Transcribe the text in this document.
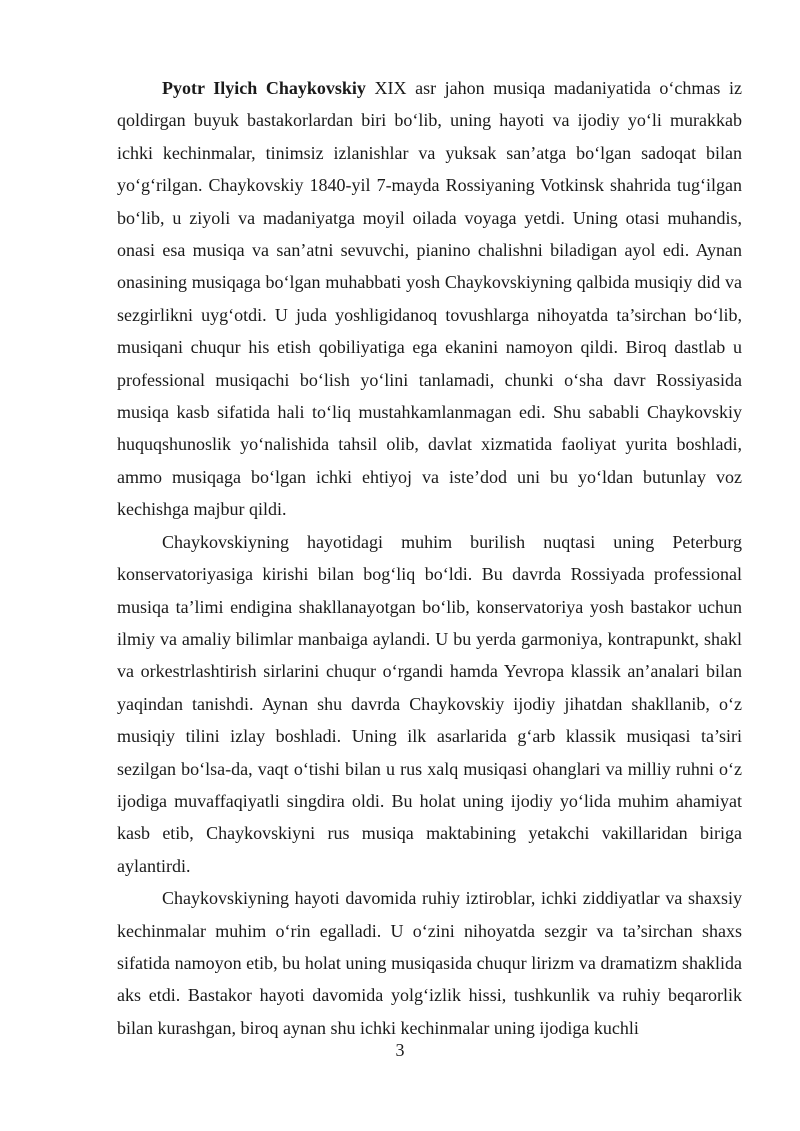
Pyotr Ilyich Chaykovskiy XIX asr jahon musiqa madaniyatida o‘chmas iz qoldirgan buyuk bastakorlardan biri bo‘lib, uning hayoti va ijodiy yo‘li murakkab ichki kechinmalar, tinimsiz izlanishlar va yuksak san’atga bo‘lgan sadoqat bilan yo‘g‘rilgan. Chaykovskiy 1840-yil 7-mayda Rossiyaning Votkinsk shahrida tug‘ilgan bo‘lib, u ziyoli va madaniyatga moyil oilada voyaga yetdi. Uning otasi muhandis, onasi esa musiqa va san’atni sevuvchi, pianino chalishni biladigan ayol edi. Aynan onasining musiqaga bo‘lgan muhabbati yosh Chaykovskiyning qalbida musiqiy did va sezgirlikni uyg‘otdi. U juda yoshligidanoq tovushlarga nihoyatda ta’sirchan bo‘lib, musiqani chuqur his etish qobiliyatiga ega ekanini namoyon qildi. Biroq dastlab u professional musiqachi bo‘lish yo‘lini tanlamadi, chunki o‘sha davr Rossiyasida musiqa kasb sifatida hali to‘liq mustahkamlanmagan edi. Shu sababli Chaykovskiy huquqshunoslik yo‘nalishida tahsil olib, davlat xizmatida faoliyat yurita boshladi, ammo musiqaga bo‘lgan ichki ehtiyoj va iste’dod uni bu yo‘ldan butunlay voz kechishga majbur qildi.

Chaykovskiyning hayotidagi muhim burilish nuqtasi uning Peterburg konservatoriyasiga kirishi bilan bog‘liq bo‘ldi. Bu davrda Rossiyada professional musiqa ta’limi endigina shakllanayotgan bo‘lib, konservatoriya yosh bastakor uchun ilmiy va amaliy bilimlar manbaiga aylandi. U bu yerda garmoniya, kontrapunkt, shakl va orkestrlashtirish sirlarini chuqur o‘rgandi hamda Yevropa klassik an’analari bilan yaqindan tanishdi. Aynan shu davrda Chaykovskiy ijodiy jihatdan shakllanib, o‘z musiqiy tilini izlay boshladi. Uning ilk asarlarida g‘arb klassik musiqasi ta’siri sezilgan bo‘lsa-da, vaqt o‘tishi bilan u rus xalq musiqasi ohanglari va milliy ruhni o‘z ijodiga muvaffaqiyatli singdira oldi. Bu holat uning ijodiy yo‘lida muhim ahamiyat kasb etib, Chaykovskiyni rus musiqa maktabining yetakchi vakillaridan biriga aylantirdi.

Chaykovskiyning hayoti davomida ruhiy iztiroblar, ichki ziddiyatlar va shaxsiy kechinmalar muhim o‘rin egalladi. U o‘zini nihoyatda sezgir va ta’sirchan shaxs sifatida namoyon etib, bu holat uning musiqasida chuqur lirizm va dramatizm shaklida aks etdi. Bastakor hayoti davomida yolg‘izlik hissi, tushkunlik va ruhiy beqarorlik bilan kurashgan, biroq aynan shu ichki kechinmalar uning ijodiga kuchli

3
